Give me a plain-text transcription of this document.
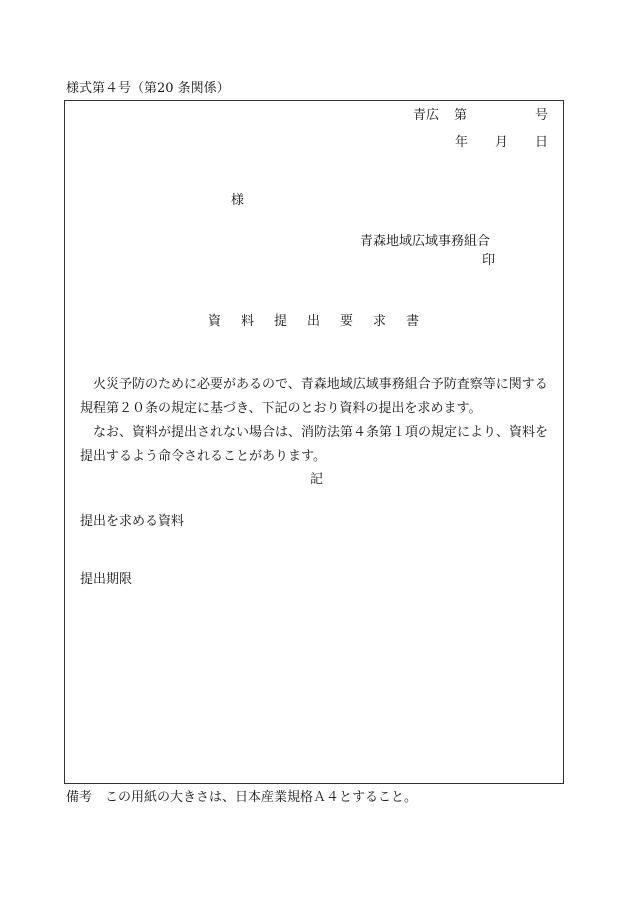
様式第４号（第20 条関係）
青広 第	号
年 月 日
様
青森地域広域事務組合
印
資料提出要求書

火災予防のために必要があるので、青森地域広域事務組合予防査察等に関する規程第２０条の規定に基づき、下記のとおり資料の提出を求めます。

なお、資料が提出されない場合は、消防法第４条第１項の規定により、資料を提出するよう命令されることがあります。

記
提出を求める資料
提出期限
備考　この用紙の大きさは、日本産業規格Ａ４とすること。
